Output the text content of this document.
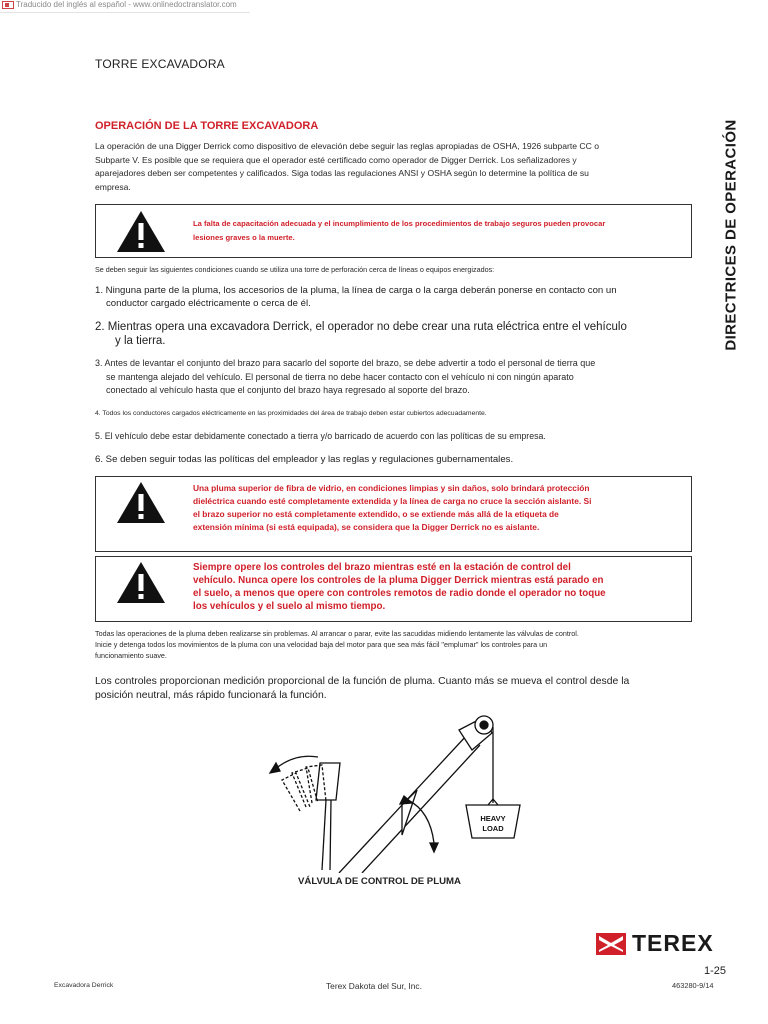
Traducido del inglés al español - www.onlinedoctranslator.com
TORRE EXCAVADORA
DIRECTRICES DE OPERACIÓN
OPERACIÓN DE LA TORRE EXCAVADORA
La operación de una Digger Derrick como dispositivo de elevación debe seguir las reglas apropiadas de OSHA, 1926 subparte CC o
Subparte V. Es posible que se requiera que el operador esté certificado como operador de Digger Derrick. Los señalizadores y
aparejadores deben ser competentes y calificados. Siga todas las regulaciones ANSI y OSHA según lo determine la política de su
empresa.
La falta de capacitación adecuada y el incumplimiento de los procedimientos de trabajo seguros pueden provocar
lesiones graves o la muerte.
Se deben seguir las siguientes condiciones cuando se utiliza una torre de perforación cerca de líneas o equipos energizados:
1. Ninguna parte de la pluma, los accesorios de la pluma, la línea de carga o la carga deberán ponerse en contacto con un
conductor cargado eléctricamente o cerca de él.
2. Mientras opera una excavadora Derrick, el operador no debe crear una ruta eléctrica entre el vehículo
y la tierra.
3. Antes de levantar el conjunto del brazo para sacarlo del soporte del brazo, se debe advertir a todo el personal de tierra que
se mantenga alejado del vehículo. El personal de tierra no debe hacer contacto con el vehículo ni con ningún aparato
conectado al vehículo hasta que el conjunto del brazo haya regresado al soporte del brazo.
4. Todos los conductores cargados eléctricamente en las proximidades del área de trabajo deben estar cubiertos adecuadamente.
5. El vehículo debe estar debidamente conectado a tierra y/o barricado de acuerdo con las políticas de su empresa.
6. Se deben seguir todas las políticas del empleador y las reglas y regulaciones gubernamentales.
Una pluma superior de fibra de vidrio, en condiciones limpias y sin daños, solo brindará protección
dieléctrica cuando esté completamente extendida y la línea de carga no cruce la sección aislante. Si
el brazo superior no está completamente extendido, o se extiende más allá de la etiqueta de
extensión mínima (si está equipada), se considera que la Digger Derrick no es aislante.
Siempre opere los controles del brazo mientras esté en la estación de control del
vehículo. Nunca opere los controles de la pluma Digger Derrick mientras está parado en
el suelo, a menos que opere con controles remotos de radio donde el operador no toque
los vehículos y el suelo al mismo tiempo.
Todas las operaciones de la pluma deben realizarse sin problemas. Al arrancar o parar, evite las sacudidas midiendo lentamente las válvulas de control.
Inicie y detenga todos los movimientos de la pluma con una velocidad baja del motor para que sea más fácil "emplumar" los controles para un
funcionamiento suave.
Los controles proporcionan medición proporcional de la función de pluma. Cuanto más se mueva el control desde la
posición neutral, más rápido funcionará la función.
HEAVY
LOAD
VÁLVULA DE CONTROL DE PLUMA
TEREX
1-25
Excavadora Derrick	Terex Dakota del Sur, Inc.	463280-9/14
